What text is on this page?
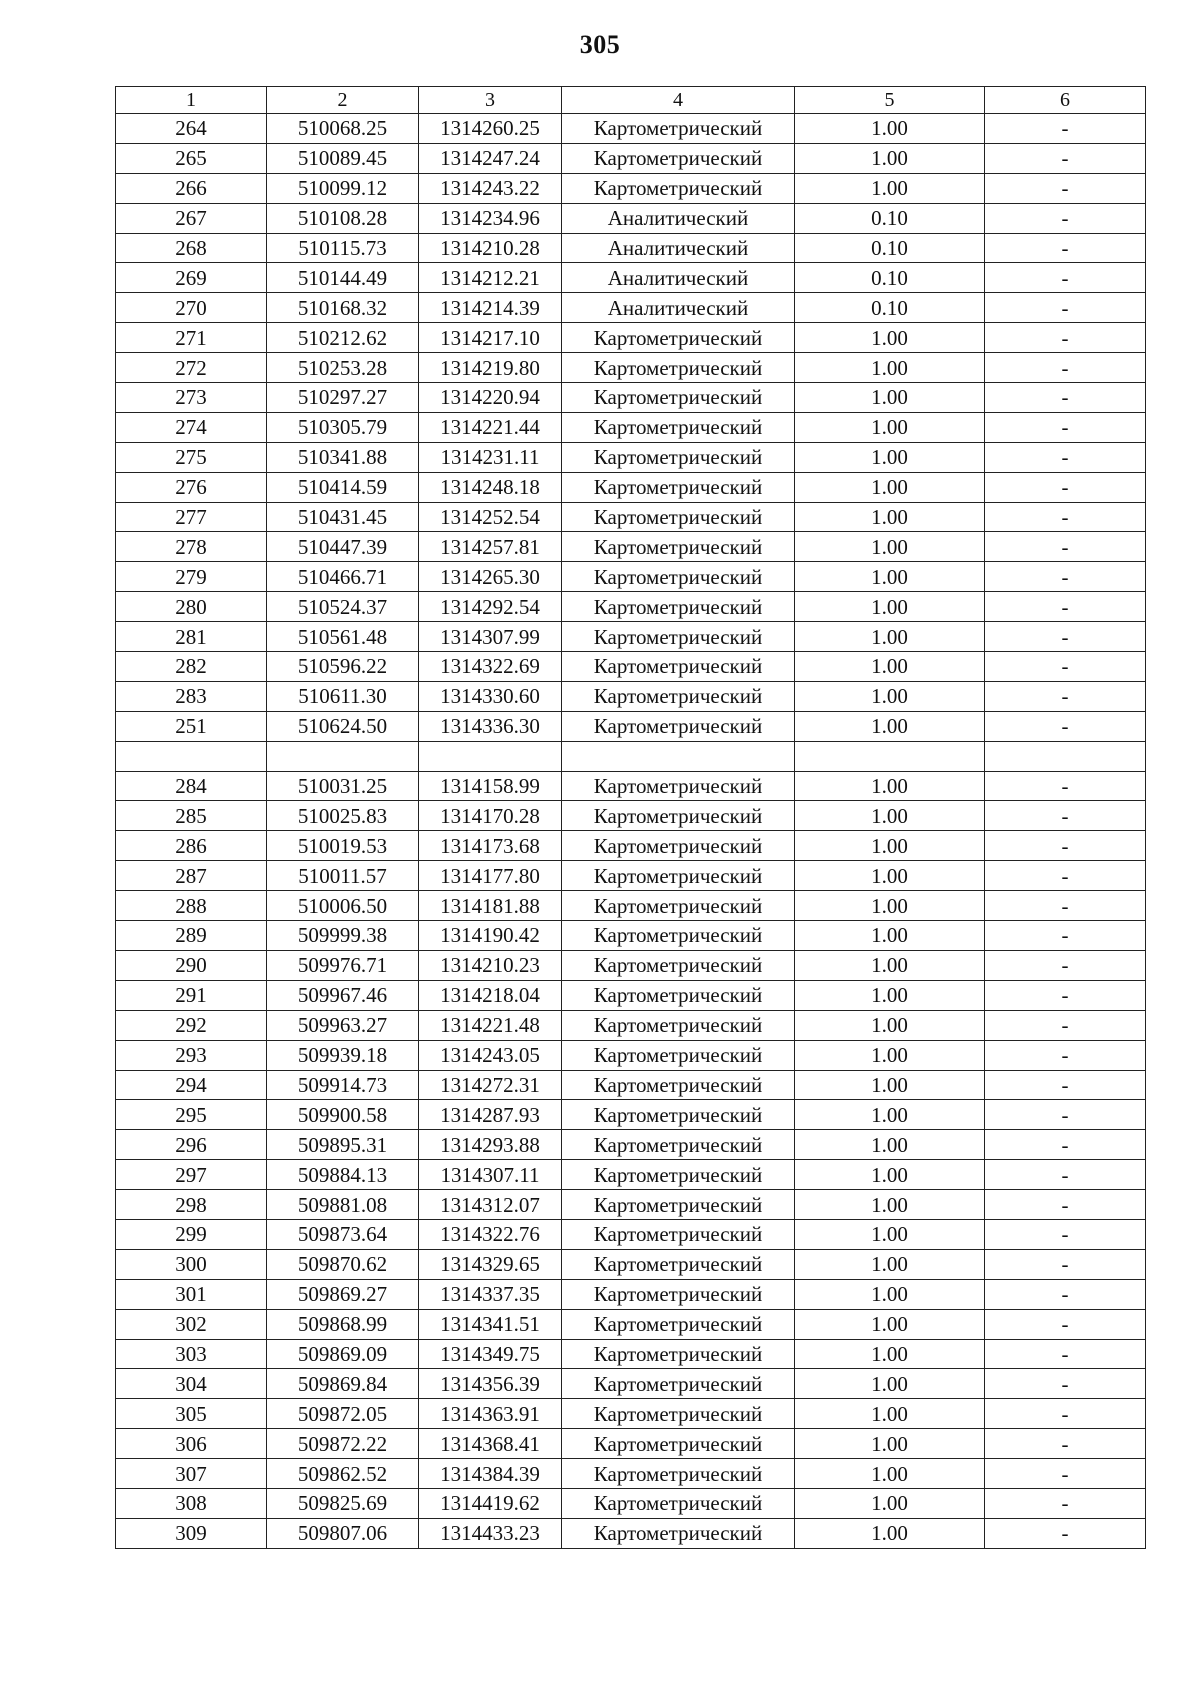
305
1	2	3	4	5	6
264	510068.25	1314260.25	Картометрический	1.00	-
265	510089.45	1314247.24	Картометрический	1.00	-
266	510099.12	1314243.22	Картометрический	1.00	-
267	510108.28	1314234.96	Аналитический	0.10	-
268	510115.73	1314210.28	Аналитический	0.10	-
269	510144.49	1314212.21	Аналитический	0.10	-
270	510168.32	1314214.39	Аналитический	0.10	-
271	510212.62	1314217.10	Картометрический	1.00	-
272	510253.28	1314219.80	Картометрический	1.00	-
273	510297.27	1314220.94	Картометрический	1.00	-
274	510305.79	1314221.44	Картометрический	1.00	-
275	510341.88	1314231.11	Картометрический	1.00	-
276	510414.59	1314248.18	Картометрический	1.00	-
277	510431.45	1314252.54	Картометрический	1.00	-
278	510447.39	1314257.81	Картометрический	1.00	-
279	510466.71	1314265.30	Картометрический	1.00	-
280	510524.37	1314292.54	Картометрический	1.00	-
281	510561.48	1314307.99	Картометрический	1.00	-
282	510596.22	1314322.69	Картометрический	1.00	-
283	510611.30	1314330.60	Картометрический	1.00	-
251	510624.50	1314336.30	Картометрический	1.00	-

284	510031.25	1314158.99	Картометрический	1.00	-
285	510025.83	1314170.28	Картометрический	1.00	-
286	510019.53	1314173.68	Картометрический	1.00	-
287	510011.57	1314177.80	Картометрический	1.00	-
288	510006.50	1314181.88	Картометрический	1.00	-
289	509999.38	1314190.42	Картометрический	1.00	-
290	509976.71	1314210.23	Картометрический	1.00	-
291	509967.46	1314218.04	Картометрический	1.00	-
292	509963.27	1314221.48	Картометрический	1.00	-
293	509939.18	1314243.05	Картометрический	1.00	-
294	509914.73	1314272.31	Картометрический	1.00	-
295	509900.58	1314287.93	Картометрический	1.00	-
296	509895.31	1314293.88	Картометрический	1.00	-
297	509884.13	1314307.11	Картометрический	1.00	-
298	509881.08	1314312.07	Картометрический	1.00	-
299	509873.64	1314322.76	Картометрический	1.00	-
300	509870.62	1314329.65	Картометрический	1.00	-
301	509869.27	1314337.35	Картометрический	1.00	-
302	509868.99	1314341.51	Картометрический	1.00	-
303	509869.09	1314349.75	Картометрический	1.00	-
304	509869.84	1314356.39	Картометрический	1.00	-
305	509872.05	1314363.91	Картометрический	1.00	-
306	509872.22	1314368.41	Картометрический	1.00	-
307	509862.52	1314384.39	Картометрический	1.00	-
308	509825.69	1314419.62	Картометрический	1.00	-
309	509807.06	1314433.23	Картометрический	1.00	-
